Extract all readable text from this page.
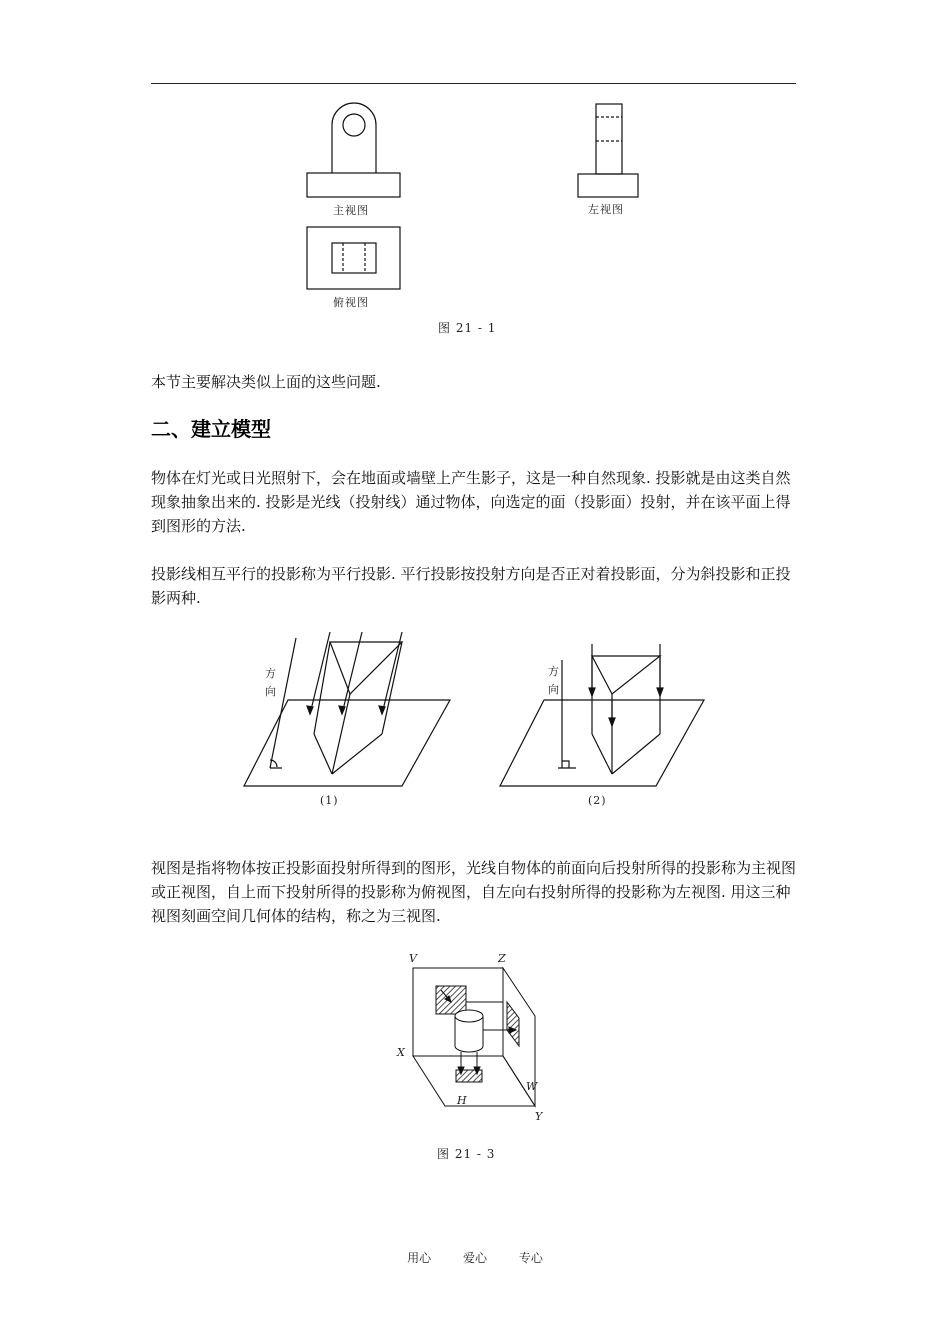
主视图	左视图
俯视图
图 21 - 1
本节主要解决类似上面的这些问题.
二、建立模型
物体在灯光或日光照射下，会在地面或墙壁上产生影子，这是一种自然现象. 投影就是由这类自然现象抽象出来的. 投影是光线（投射线）通过物体，向选定的面（投影面）投射，并在该平面上得到图形的方法.
投影线相互平行的投影称为平行投影. 平行投影按投射方向是否正对着投影面，分为斜投影和正投影两种.
方
向
方
向
(1)	(2)
视图是指将物体按正投影面投射所得到的图形，光线自物体的前面向后投射所得的投影称为主视图或正视图，自上而下投射所得的投影称为俯视图，自左向右投射所得的投影称为左视图. 用这三种视图刻画空间几何体的结构，称之为三视图.
V	Z
X
W
H
Y
图 21 - 3
用心	爱心	专心
